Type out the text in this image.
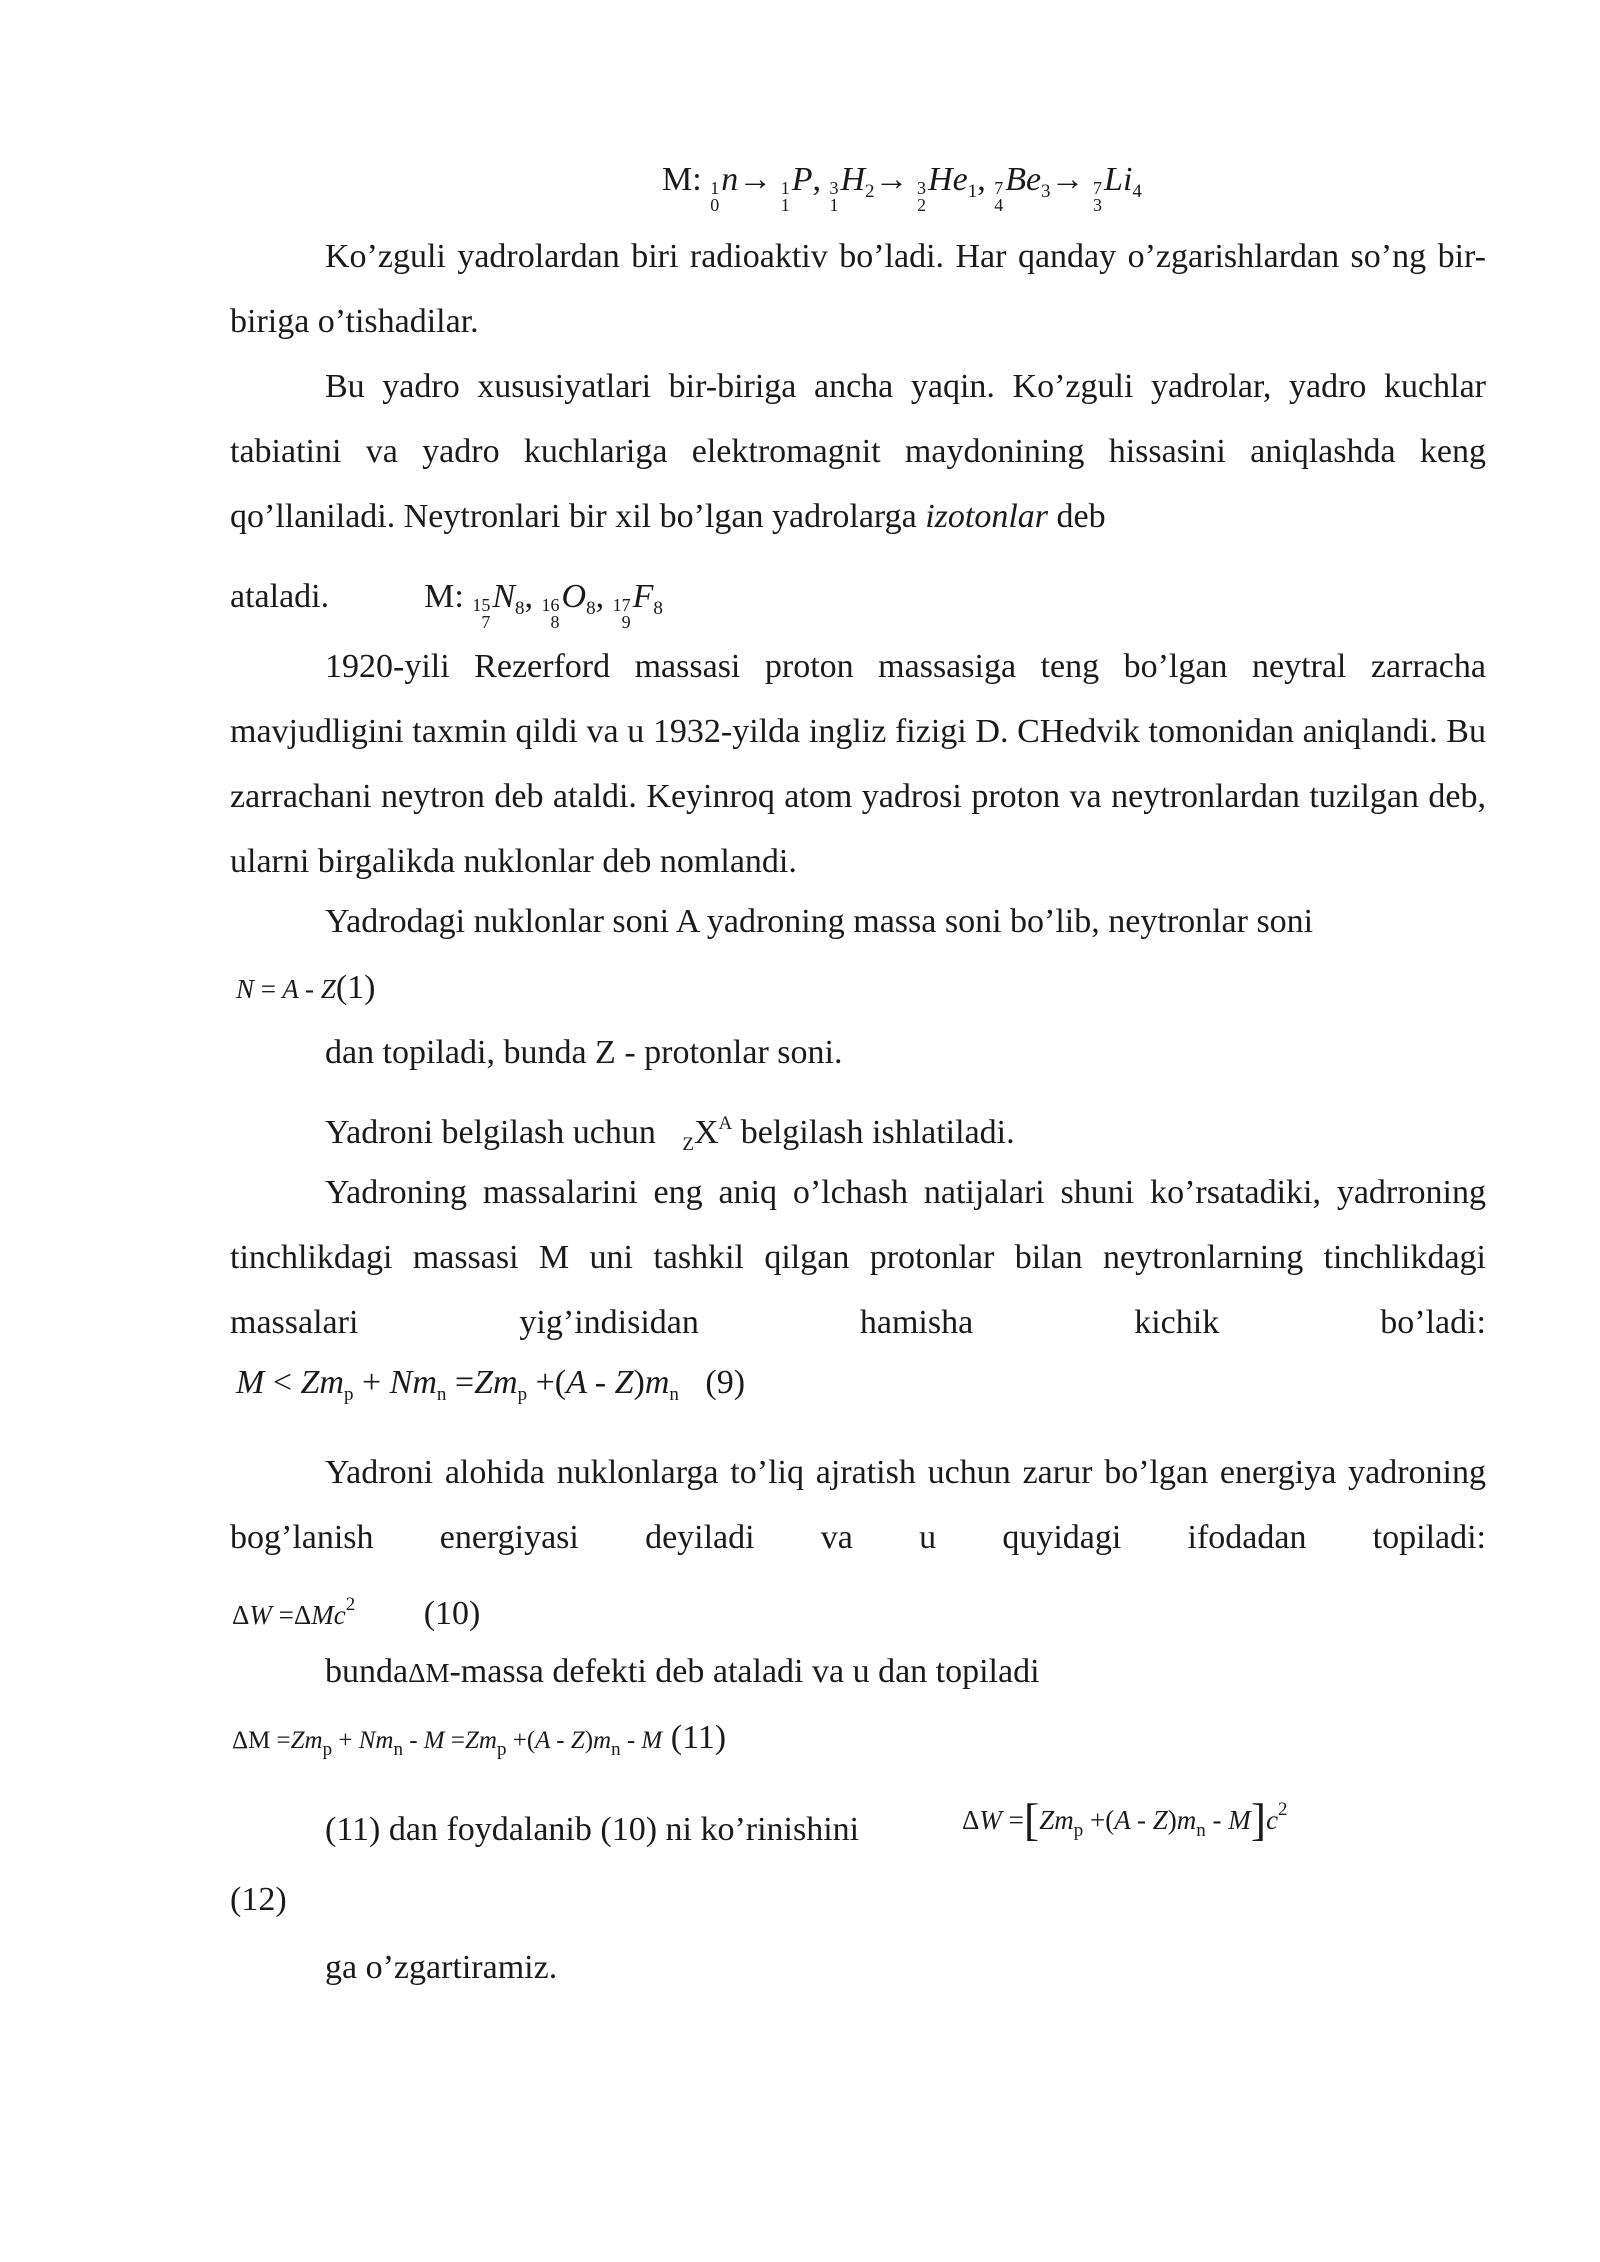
M: 1
0
n→ 1
1
P, 3
1
$H_2\to 3$
2
$He_1$, 7
4
$Be_3\to 7$
3
$Li_4$

Ko’zguli yadrolardan biri radioaktiv bo’ladi. Har qanday o’zgarishlardan so’ng bir-biriga o’tishadilar.

Bu yadro xususiyatlari bir-biriga ancha yaqin. Ko’zguli yadrolar, yadro kuchlar tabiatini va yadro kuchlariga elektromagnit maydonining hissasini aniqlashda keng qo’llaniladi. Neytronlari bir xil bo’lgan yadrolarga izotonlar deb

ataladi.	M: 15
7
$N_8$, 16
8
$O_8$, 17
9
$F_8$

1920-yili Rezerford massasi proton massasiga teng bo’lgan neytral zarracha mavjudligini taxmin qildi va u 1932-yilda ingliz fizigi D. CHedvik tomonidan aniqlandi. Bu zarrachani neytron deb ataldi. Keyinroq atom yadrosi proton va neytronlardan tuzilgan deb, ularni birgalikda nuklonlar deb nomlandi.

Yadrodagi nuklonlar soni A yadroning massa soni bo’lib, neytronlar soni
N = A - Z(1)
dan topiladi, bunda Z - protonlar soni.
Yadroni belgilash uchun $_ZX^A$ belgilash ishlatiladi.

Yadroning massalarini eng aniq o’lchash natijalari shuni ko’rsatadiki, yadrroning tinchlikdagi massasi M uni tashkil qilgan protonlar bilan neytronlarning tinchlikdagi massalari yig’indisidan hamisha kichik bo’ladi:

$M < Zm_p + Nm_n =Zm_p +(A - Z)m_n$ (9)

Yadroni alohida nuklonlarga to’liq ajratish uchun zarur bo’lgan energiya yadroning bog’lanish energiyasi deyiladi va u quyidagi ifodadan topiladi:

ΔW =ΔMc$^2$ (10)
bundaΔM-massa defekti deb ataladi va u dan topiladi
$\Delta M =Zm_p + Nm_n - M =Zm_p +(A - Z)m_n - M$ (11)
(11) dan foydalanib (10) ni ko’rinishini	$\Delta W =[Zm_p +(A - Z)m_n - M]c^2$
(12)
ga o’zgartiramiz.
